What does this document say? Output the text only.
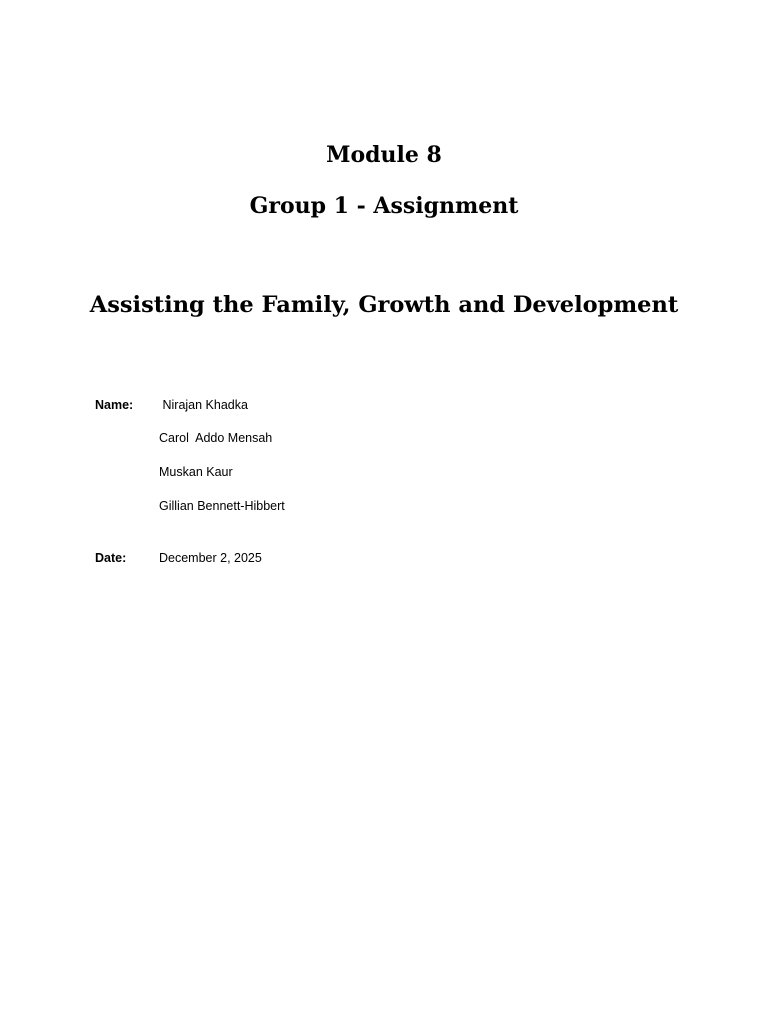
Module 8
Group 1 - Assignment
Assisting the Family, Growth and Development
Name: Nirajan Khadka
Carol  Addo Mensah
Muskan Kaur
Gillian Bennett-Hibbert
Date:	December 2, 2025
